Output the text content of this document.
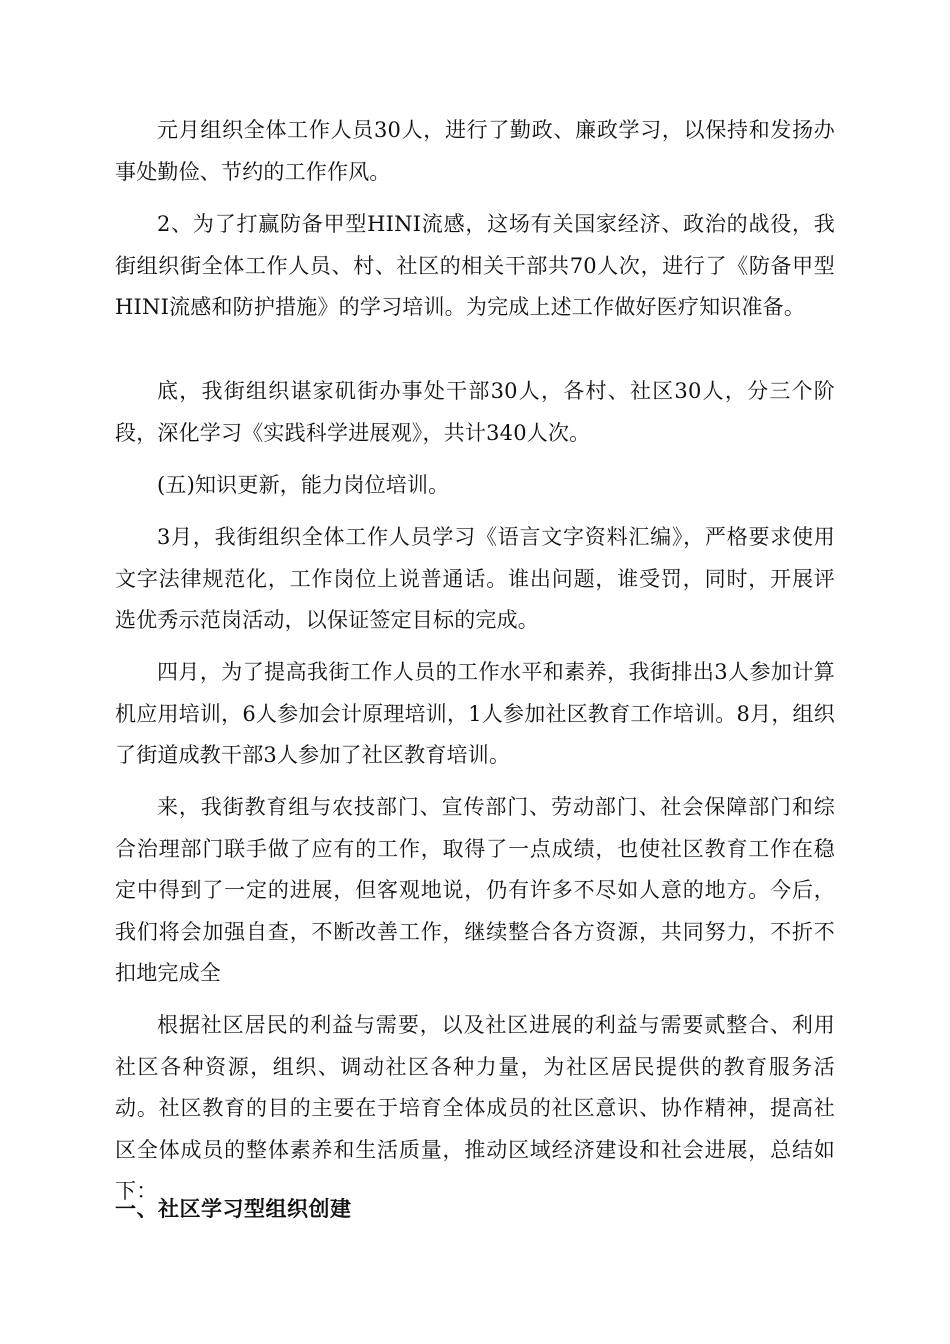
元月组织全体工作人员30人，进行了勤政、廉政学习，以保持和发扬办事处勤俭、节约的工作作风。

2、为了打赢防备甲型HINI流感，这场有关国家经济、政治的战役，我街组织街全体工作人员、村、社区的相关干部共70人次，进行了《防备甲型HINI流感和防护措施》的学习培训。为完成上述工作做好医疗知识准备。

底，我街组织谌家矶街办事处干部30人，各村、社区30人，分三个阶段，深化学习《实践科学进展观》，共计340人次。

(五)知识更新，能力岗位培训。

3月，我街组织全体工作人员学习《语言文字资料汇编》，严格要求使用文字法律规范化，工作岗位上说普通话。谁出问题，谁受罚，同时，开展评选优秀示范岗活动，以保证签定目标的完成。

四月，为了提高我街工作人员的工作水平和素养，我街排出3人参加计算机应用培训，6人参加会计原理培训，1人参加社区教育工作培训。8月，组织了街道成教干部3人参加了社区教育培训。

来，我街教育组与农技部门、宣传部门、劳动部门、社会保障部门和综合治理部门联手做了应有的工作，取得了一点成绩，也使社区教育工作在稳定中得到了一定的进展，但客观地说，仍有许多不尽如人意的地方。今后，我们将会加强自查，不断改善工作，继续整合各方资源，共同努力，不折不扣地完成全

根据社区居民的利益与需要，以及社区进展的利益与需要贰整合、利用社区各种资源，组织、调动社区各种力量，为社区居民提供的教育服务活动。社区教育的目的主要在于培育全体成员的社区意识、协作精神，提高社区全体成员的整体素养和生活质量，推动区域经济建设和社会进展，总结如下：

一、社区学习型组织创建
